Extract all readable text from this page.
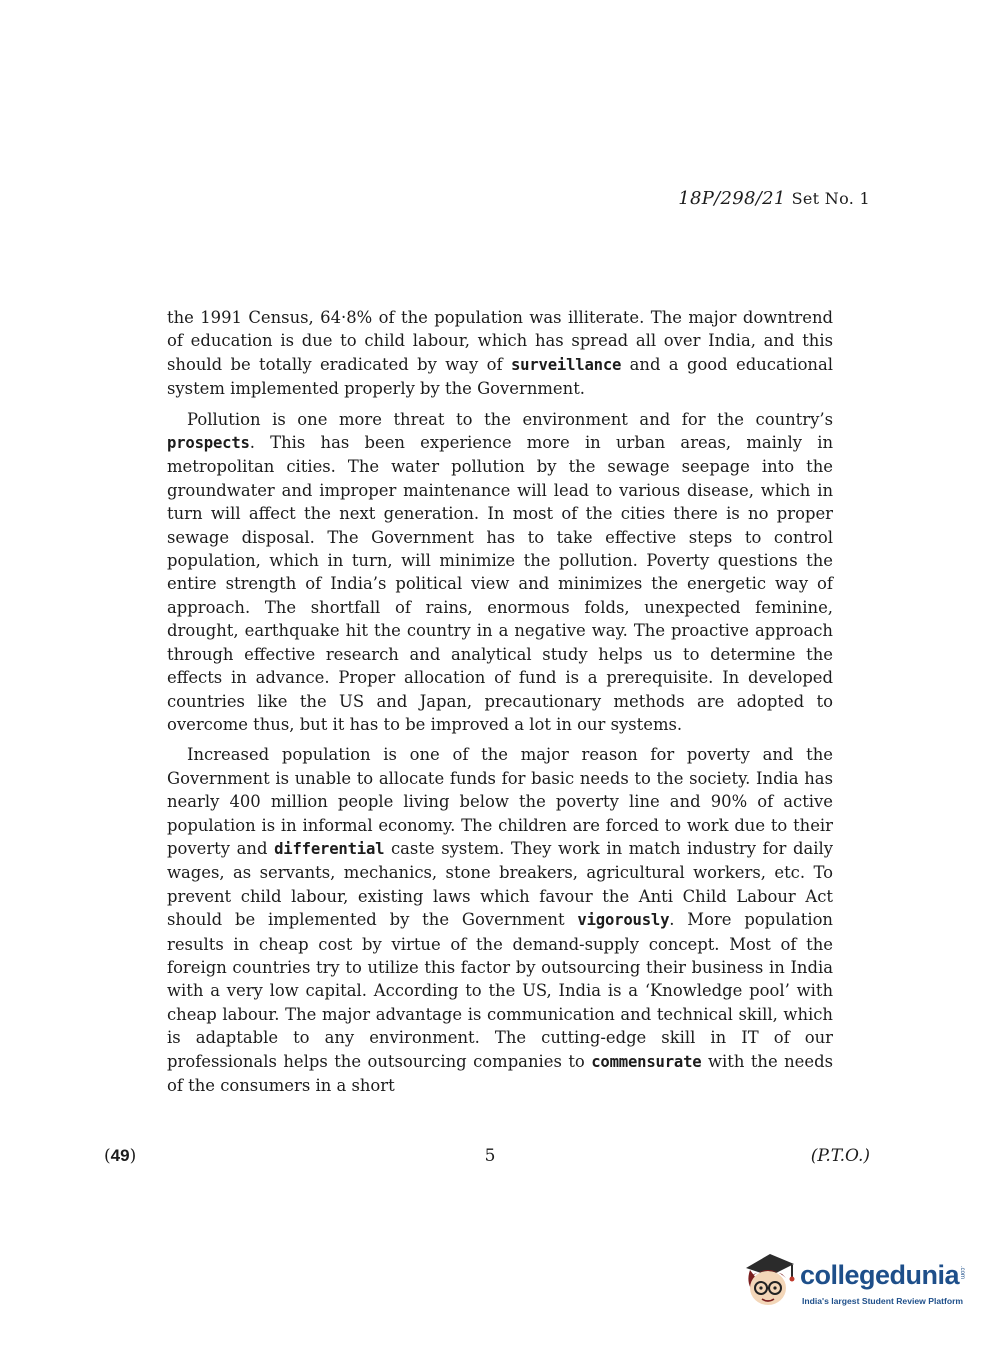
18P/298/21 Set No. 1

the 1991 Census, 64·8% of the population was illiterate. The major downtrend of education is due to child labour, which has spread all over India, and this should be totally eradicated by way of surveillance and a good educational system implemented properly by the Government.

Pollution is one more threat to the environment and for the country’s prospects. This has been experience more in urban areas, mainly in metropolitan cities. The water pollution by the sewage seepage into the groundwater and improper maintenance will lead to various disease, which in turn will affect the next generation. In most of the cities there is no proper sewage disposal. The Government has to take effective steps to control population, which in turn, will minimize the pollution. Poverty questions the entire strength of India’s political view and minimizes the energetic way of approach. The shortfall of rains, enormous folds, unexpected feminine, drought, earthquake hit the country in a negative way. The proactive approach through effective research and analytical study helps us to determine the effects in advance. Proper allocation of fund is a prerequisite. In developed countries like the US and Japan, precautionary methods are adopted to overcome thus, but it has to be improved a lot in our systems.

Increased population is one of the major reason for poverty and the Government is unable to allocate funds for basic needs to the society. India has nearly 400 million people living below the poverty line and 90% of active population is in informal economy. The children are forced to work due to their poverty and differential caste system. They work in match industry for daily wages, as servants, mechanics, stone breakers, agricultural workers, etc. To prevent child labour, existing laws which favour the Anti Child Labour Act should be implemented by the Government vigorously. More population results in cheap cost by virtue of the demand-supply concept. Most of the foreign countries try to utilize this factor by outsourcing their business in India with a very low capital. According to the US, India is a ‘Knowledge pool’ with cheap labour. The major advantage is communication and technical skill, which is adaptable to any environment. The cutting-edge skill in IT of our professionals helps the outsourcing companies to commensurate with the needs of the consumers in a short

(49)	5	(P.T.O.)
collegedunia .com
India's largest Student Review Platform
